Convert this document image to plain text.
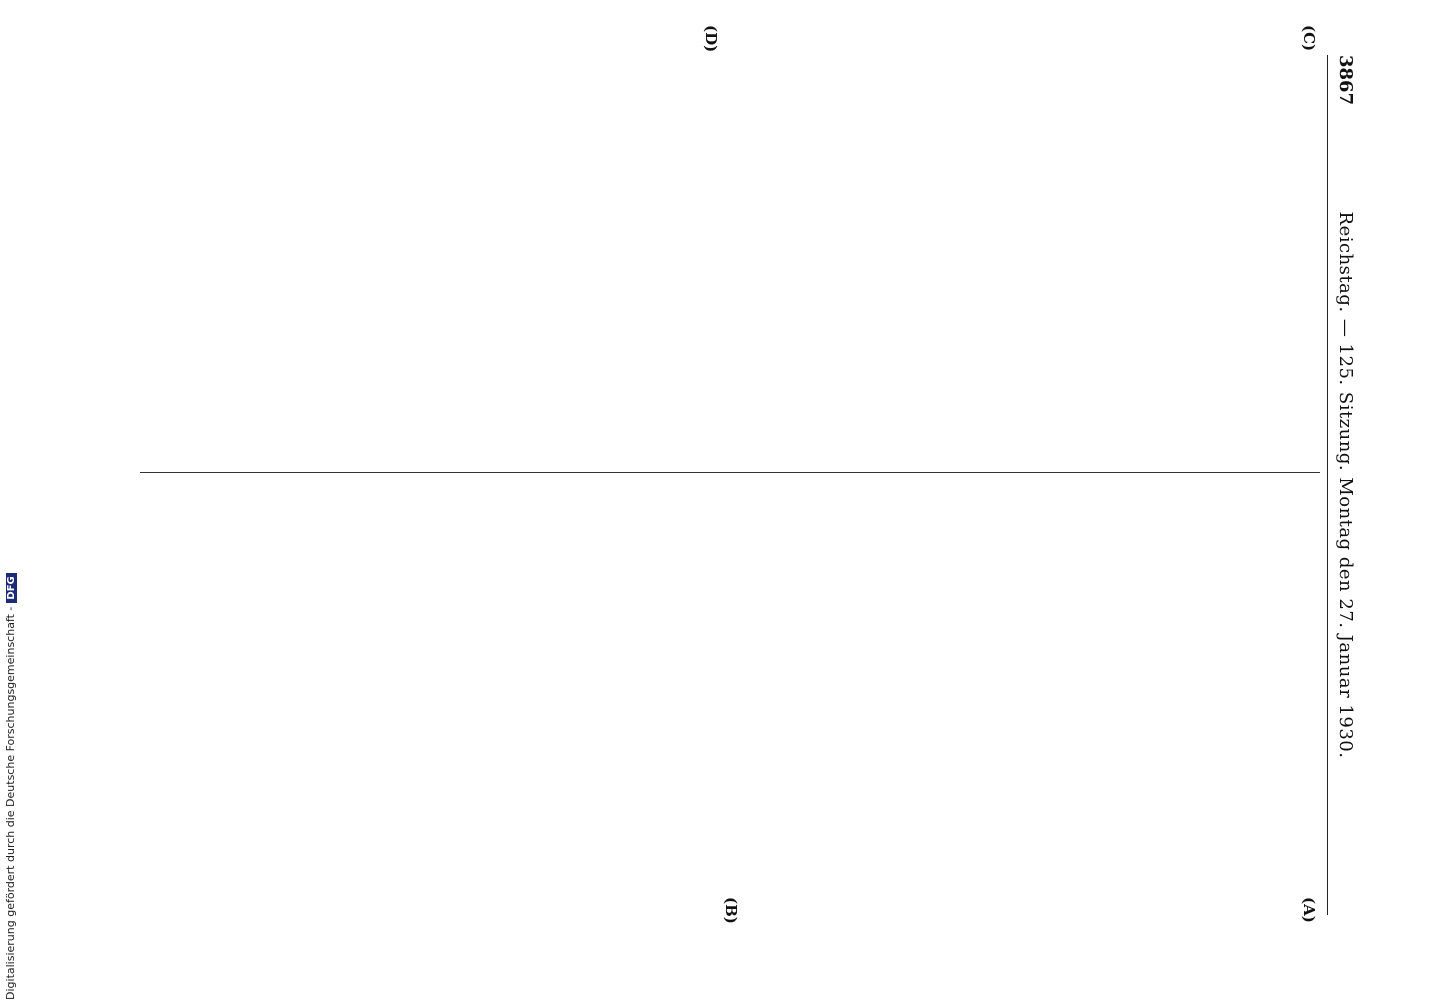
3867
Reichstag. — 125. Sitzung. Montag den 27. Januar 1930.
(C)
(D)
(A)
(B)
Digitalisierung gefördert durch die Deutsche Forschungsgemeinschaft -DFG
